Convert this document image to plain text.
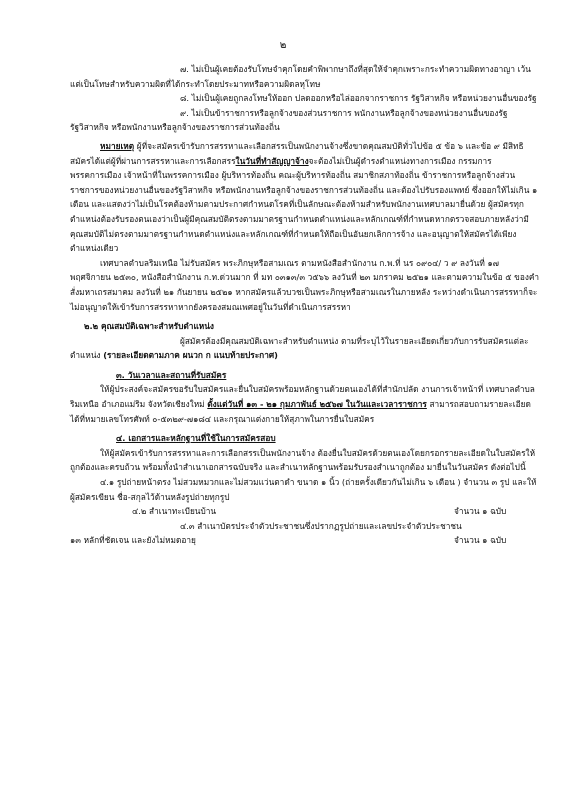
๒

๗. ไม่เป็นผู้เคยต้องรับโทษจำคุกโดยคำพิพากษาถึงที่สุดให้จำคุกเพราะกระทำความผิดทางอาญา เว้นแต่เป็นโทษสำหรับความผิดที่ได้กระทำโดยประมาทหรือความผิดลหุโทษ

๘. ไม่เป็นผู้เคยถูกลงโทษให้ออก ปลดออกหรือไล่ออกจากราชการ รัฐวิสาหกิจ หรือหน่วยงานอื่นของรัฐ

๙. ไม่เป็นข้าราชการหรือลูกจ้างของส่วนราชการ พนักงานหรือลูกจ้างของหน่วยงานอื่นของรัฐ รัฐวิสาหกิจ หรือพนักงานหรือลูกจ้างของราชการส่วนท้องถิ่น

หมายเหตุ ผู้ที่จะสมัครเข้ารับการสรรหาและเลือกสรรเป็นพนักงานจ้างซึ่งขาดคุณสมบัติทั่วไปข้อ ๕ ข้อ ๖ และข้อ ๙ มีสิทธิสมัครได้แต่ผู้ที่ผ่านการสรรหาและการเลือกสรรในวันที่ทำสัญญาจ้างจะต้องไม่เป็นผู้ดำรงตำแหน่งทางการเมือง กรรมการพรรคการเมือง เจ้าหน้าที่ในพรรคการเมือง ผู้บริหารท้องถิ่น คณะผู้บริหารท้องถิ่น สมาชิกสภาท้องถิ่น ข้าราชการหรือลูกจ้างส่วนราชการของหน่วยงานอื่นของรัฐวิสาหกิจ หรือพนักงานหรือลูกจ้างของราชการส่วนท้องถิ่น และต้องไปรับรองแพทย์ ซึ่งออกให้ไม่เกิน ๑ เดือน และแสดงว่าไม่เป็นโรคต้องห้ามตามประกาศกำหนดโรคที่เป็นลักษณะต้องห้ามสำหรับพนักงานเทศบาลมายื่นด้วย ผู้สมัครทุกตำแหน่งต้องรับรองตนเองว่าเป็นผู้มีคุณสมบัติตรงตามมาตรฐานกำหนดตำแหน่งและหลักเกณฑ์ที่กำหนดหากตรวจสอบภายหลังว่ามีคุณสมบัติไม่ตรงตามมาตรฐานกำหนดตำแหน่งและหลักเกณฑ์ที่กำหนดให้ถือเป็นอันยกเลิกการจ้าง และอนุญาตให้สมัครได้เพียงตำแหน่งเดียว

เทศบาลตำบลริมเหนือ ไม่รับสมัคร พระภิกษุหรือสามเณร ตามหนังสือสำนักงาน ก.พ.ที่ นร ๐๙๐๔/ ว ๙ ลงวันที่ ๑๗ พฤศจิกายน ๒๕๓๐, หนังสือสำนักงาน ก.ท.ด่วนมาก ที่ มท ๐๓๑๓/๓ ว๕๖๖ ลงวันที่ ๒๓ มกราคม ๒๕๒๑ และตามความในข้อ ๕ ของคำสั่งมหาเถรสมาคม ลงวันที่ ๒๑ กันยายน ๒๕๒๑ หากสมัครแล้วบวชเป็นพระภิกษุหรือสามเณรในภายหลัง ระหว่างดำเนินการสรรหาก็จะไม่อนุญาตให้เข้ารับการสรรหาหากยังครองสมณเพศอยู่ในวันที่ดำเนินการสรรหา

๒.๒ คุณสมบัติเฉพาะสำหรับตำแหน่ง

ผู้สมัครต้องมีคุณสมบัติเฉพาะสำหรับตำแหน่ง ตามที่ระบุไว้ในรายละเอียดเกี่ยวกับการรับสมัครแต่ละตำแหน่ง (รายละเอียดตามภาค ผนวก ก แนบท้ายประกาศ)

๓. วันเวลาและสถานที่รับสมัคร

ให้ผู้ประสงค์จะสมัครขอรับใบสมัครและยื่นใบสมัครพร้อมหลักฐานด้วยตนเองได้ที่สำนักปลัด งานการเจ้าหน้าที่ เทศบาลตำบลริมเหนือ อำเภอแม่ริม จังหวัดเชียงใหม่ ตั้งแต่วันที่ ๑๓ - ๒๑ กุมภาพันธ์ ๒๕๖๗ ในวันและเวลาราชการ สามารถสอบถามรายละเอียดได้ที่หมายเลขโทรศัพท์ ๐-๕๓๒๙-๗๑๘๔ และกรุณาแต่งกายให้สุภาพในการยื่นใบสมัคร

๔. เอกสารและหลักฐานที่ใช้ในการสมัครสอบ

ให้ผู้สมัครเข้ารับการสรรหาและการเลือกสรรเป็นพนักงานจ้าง ต้องยื่นใบสมัครด้วยตนเองโดยกรอกรายละเอียดในใบสมัครให้ถูกต้องและครบถ้วน พร้อมทั้งนำสำเนาเอกสารฉบับจริง และสำเนาหลักฐานพร้อมรับรองสำเนาถูกต้อง มายื่นในวันสมัคร ดังต่อไปนี้

๔.๑ รูปถ่ายหน้าตรง ไม่สวมหมวกและไม่สวมแว่นตาดำ ขนาด ๑ นิ้ว (ถ่ายครั้งเดียวกันไม่เกิน ๖ เดือน ) จำนวน ๓ รูป และให้ผู้สมัครเขียน ชื่อ-สกุลไว้ด้านหลังรูปถ่ายทุกรูป

๔.๒ สำเนาทะเบียนบ้าน	จำนวน ๑ ฉบับ

๔.๓ สำเนาบัตรประจำตัวประชาชนซึ่งปรากฏรูปถ่ายและเลขประจำตัวประชาชน

๑๓ หลักที่ชัดเจน และยังไม่หมดอายุ	จำนวน ๑ ฉบับ
